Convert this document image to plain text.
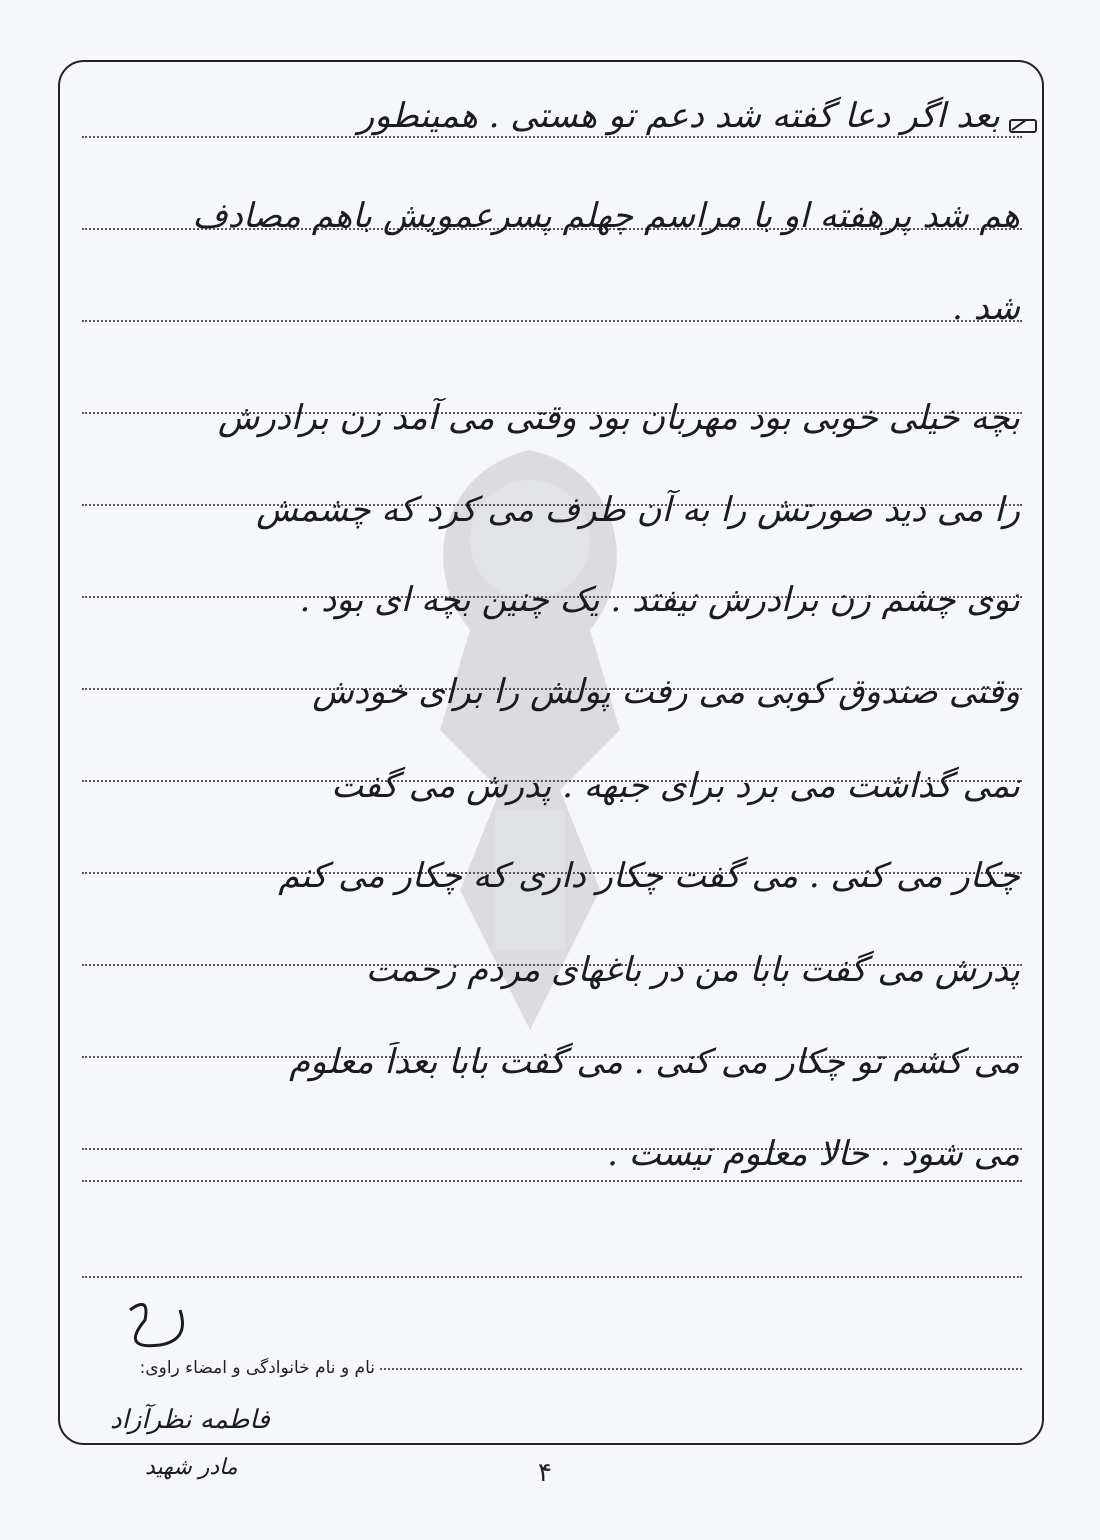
بعد اگر دعا گفته شد دعم تو هستی . همینطور
هم شد پرهفته او با مراسم چهلم پسرعمویش باهم مصادف
شد .
بچه خیلی خوبی بود مهربان بود وقتی می آمد زن برادرش
را می دید صورتش را به آن طرف می کرد که چشمش
توی چشم زن برادرش نیفتد . یک چنین بچه ای بود .
وقتی صندوق کوبی می رفت پولش را برای خودش
نمی گذاشت می برد برای جبهه . پدرش می گفت
چکار می کنی . می گفت چکار داری که چکار می کنم
پدرش می گفت بابا من در باغهای مردم زحمت
می کشم تو چکار می کنی . می گفت بابا بعداً معلوم
می شود . حالا معلوم نیست .
نام و نام خانوادگی و امضاء راوی:
فاطمه نظرآزاد
مادر شهید	۴
